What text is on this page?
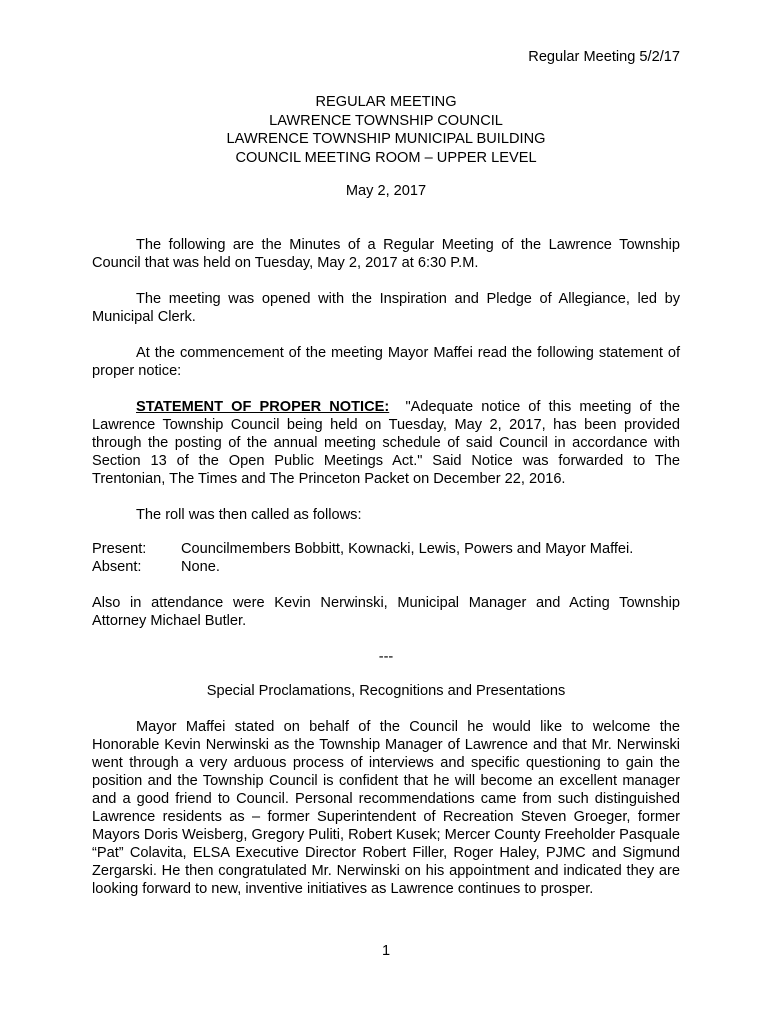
Regular Meeting 5/2/17
REGULAR MEETING
LAWRENCE TOWNSHIP COUNCIL
LAWRENCE TOWNSHIP MUNICIPAL BUILDING
COUNCIL MEETING ROOM – UPPER LEVEL
May 2, 2017

The following are the Minutes of a Regular Meeting of the Lawrence Township Council that was held on Tuesday, May 2, 2017 at 6:30 P.M.

The meeting was opened with the Inspiration and Pledge of Allegiance, led by Municipal Clerk.

At the commencement of the meeting Mayor Maffei read the following statement of proper notice:

STATEMENT OF PROPER NOTICE: "Adequate notice of this meeting of the Lawrence Township Council being held on Tuesday, May 2, 2017, has been provided through the posting of the annual meeting schedule of said Council in accordance with Section 13 of the Open Public Meetings Act." Said Notice was forwarded to The Trentonian, The Times and The Princeton Packet on December 22, 2016.

The roll was then called as follows:

Present:	Councilmembers Bobbitt, Kownacki, Lewis, Powers and Mayor Maffei.
Absent:	None.

Also in attendance were Kevin Nerwinski, Municipal Manager and Acting Township Attorney Michael Butler.

---
Special Proclamations, Recognitions and Presentations

Mayor Maffei stated on behalf of the Council he would like to welcome the Honorable Kevin Nerwinski as the Township Manager of Lawrence and that Mr. Nerwinski went through a very arduous process of interviews and specific questioning to gain the position and the Township Council is confident that he will become an excellent manager and a good friend to Council. Personal recommendations came from such distinguished Lawrence residents as – former Superintendent of Recreation Steven Groeger, former Mayors Doris Weisberg, Gregory Puliti, Robert Kusek; Mercer County Freeholder Pasquale “Pat” Colavita, ELSA Executive Director Robert Filler, Roger Haley, PJMC and Sigmund Zergarski. He then congratulated Mr. Nerwinski on his appointment and indicated they are looking forward to new, inventive initiatives as Lawrence continues to prosper.

1
